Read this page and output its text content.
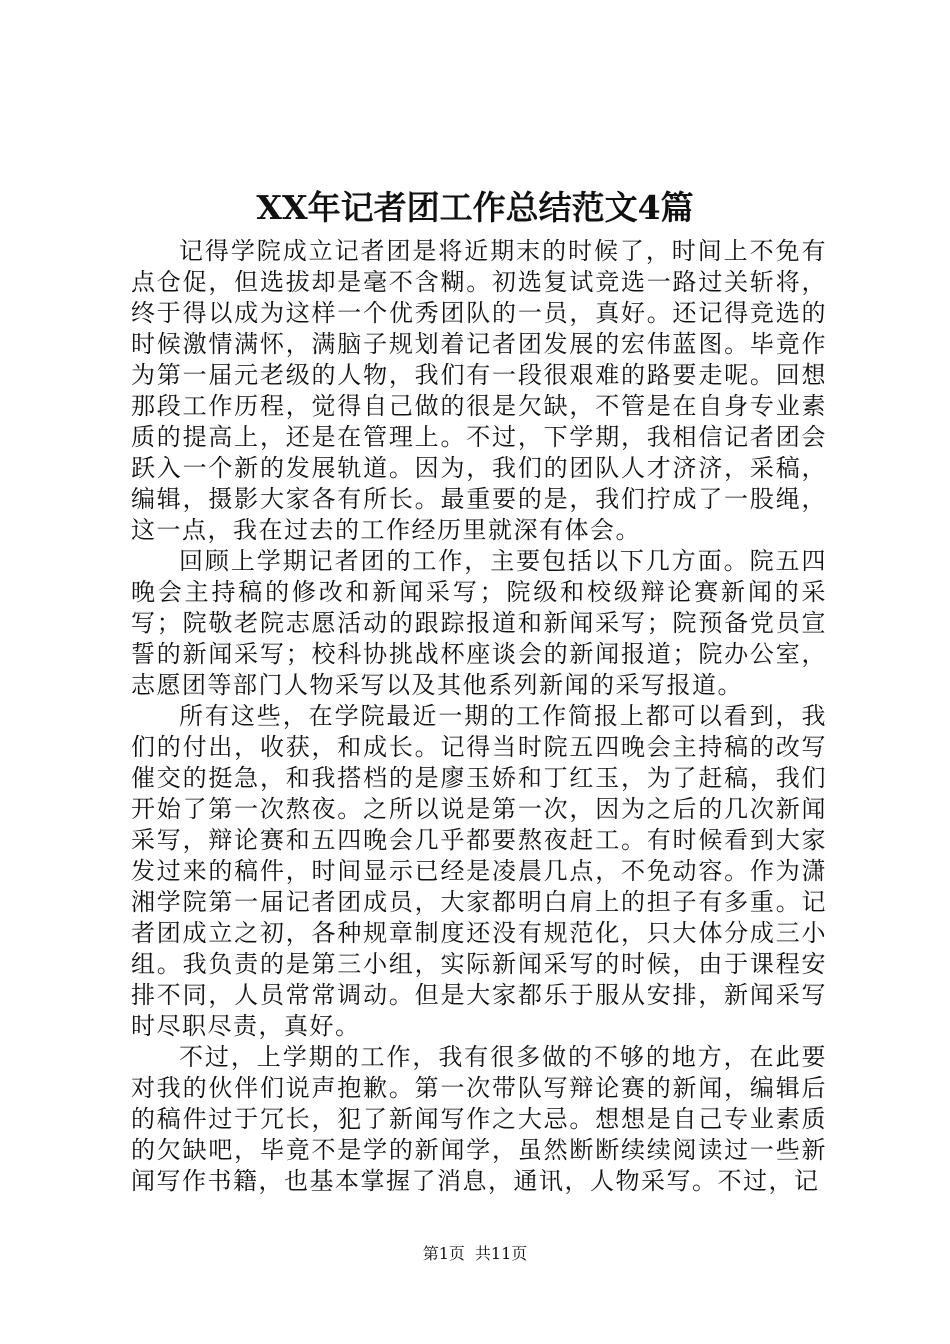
XX年记者团工作总结范文4篇

记得学院成立记者团是将近期末的时候了，时间上不免有点仓促，但选拔却是毫不含糊。初选复试竞选一路过关斩将，终于得以成为这样一个优秀团队的一员，真好。还记得竞选的时候激情满怀，满脑子规划着记者团发展的宏伟蓝图。毕竟作为第一届元老级的人物，我们有一段很艰难的路要走呢。回想那段工作历程，觉得自己做的很是欠缺，不管是在自身专业素质的提高上，还是在管理上。不过，下学期，我相信记者团会跃入一个新的发展轨道。因为，我们的团队人才济济，采稿，编辑，摄影大家各有所长。最重要的是，我们拧成了一股绳，这一点，我在过去的工作经历里就深有体会。

回顾上学期记者团的工作，主要包括以下几方面。院五四晚会主持稿的修改和新闻采写；院级和校级辩论赛新闻的采写；院敬老院志愿活动的跟踪报道和新闻采写；院预备党员宣誓的新闻采写；校科协挑战杯座谈会的新闻报道；院办公室，志愿团等部门人物采写以及其他系列新闻的采写报道。

所有这些，在学院最近一期的工作简报上都可以看到，我们的付出，收获，和成长。记得当时院五四晚会主持稿的改写催交的挺急，和我搭档的是廖玉娇和丁红玉，为了赶稿，我们开始了第一次熬夜。之所以说是第一次，因为之后的几次新闻采写，辩论赛和五四晚会几乎都要熬夜赶工。有时候看到大家发过来的稿件，时间显示已经是凌晨几点，不免动容。作为潇湘学院第一届记者团成员，大家都明白肩上的担子有多重。记者团成立之初，各种规章制度还没有规范化，只大体分成三小组。我负责的是第三小组，实际新闻采写的时候，由于课程安排不同，人员常常调动。但是大家都乐于服从安排，新闻采写时尽职尽责，真好。

不过，上学期的工作，我有很多做的不够的地方，在此要对我的伙伴们说声抱歉。第一次带队写辩论赛的新闻，编辑后的稿件过于冗长，犯了新闻写作之大忌。想想是自己专业素质的欠缺吧，毕竟不是学的新闻学，虽然断断续续阅读过一些新闻写作书籍，也基本掌握了消息，通讯，人物采写。不过，记

第1页 共11页
